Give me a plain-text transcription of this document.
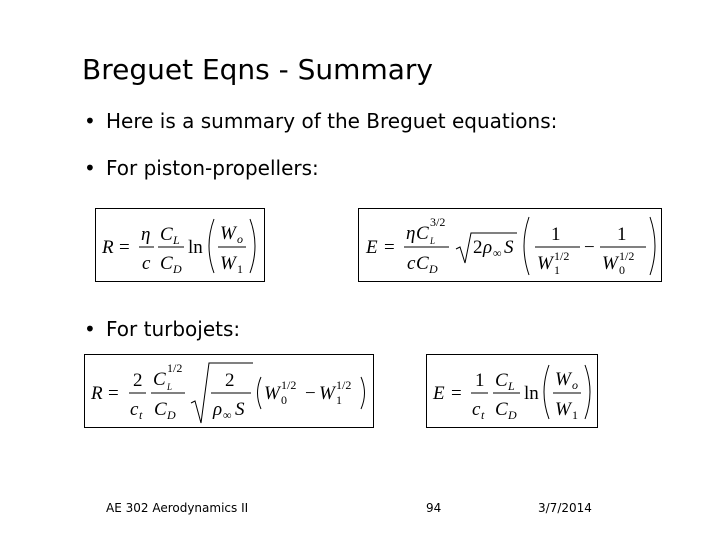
Breguet Eqns - Summary
• Here is a summary of the Breguet equations:
• For piston-propellers:
• For turbojets:
R =
η
c
C L
C D
ln
W o
W 1
E =
η C
3/2
L
c C D
2 ρ ∞ S
1
W 1/2
1
−
1
W 1/2
0
R =
2
c t
C
1/2
L
C D
2
ρ ∞ S
W 1/2
0 − W 1/2
1	E =
1
c t
C L
C D
ln
W o
W 1
AE 302 Aerodynamics II	94	3/7/2014
